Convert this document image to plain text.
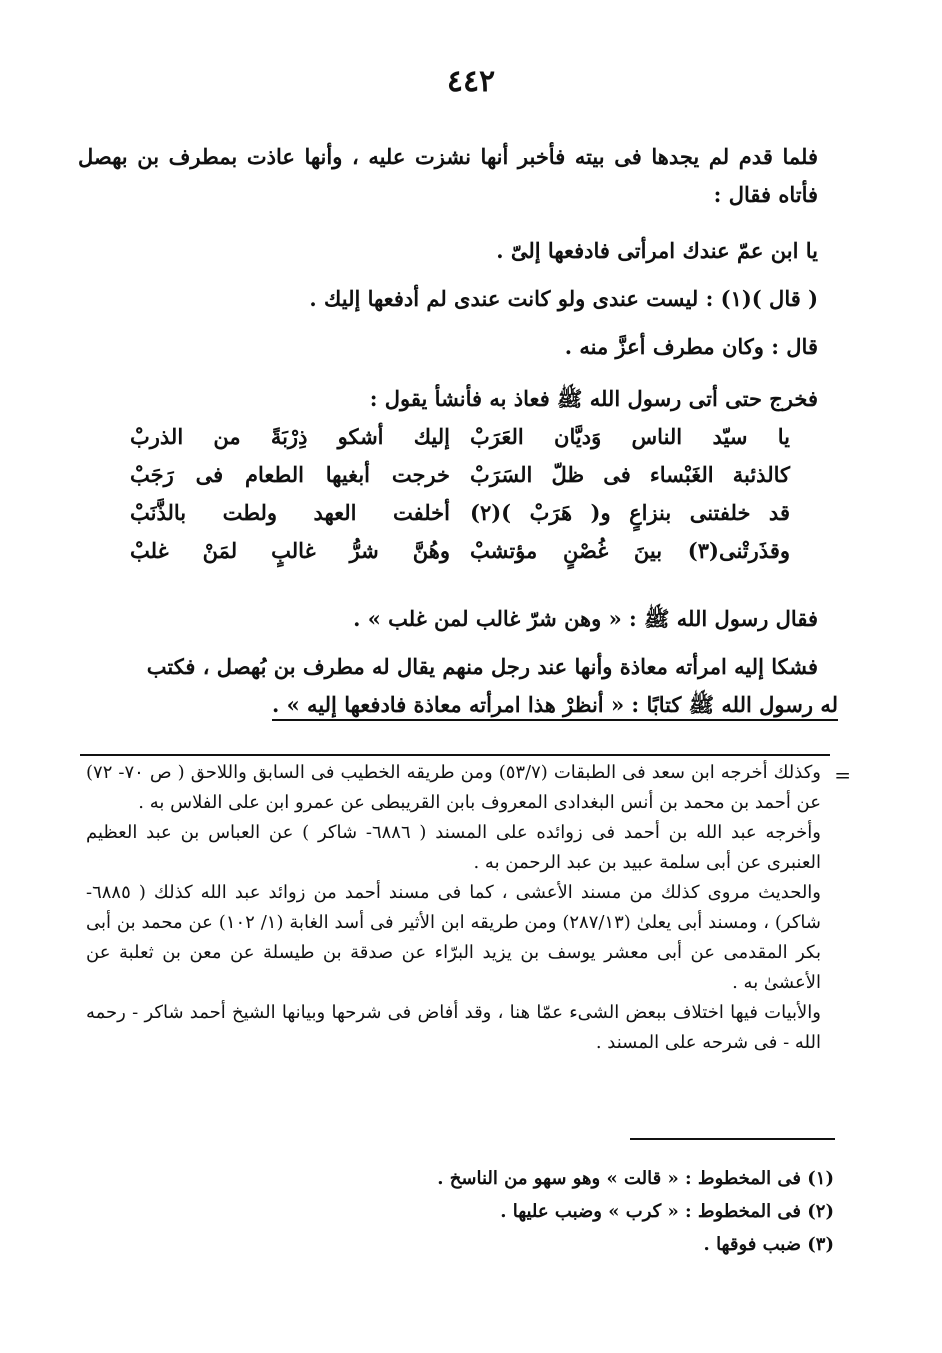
٤٤٢

فلما قدم لم يجدها فى بيته فأخبر أنها نشزت عليه ، وأنها عاذت بمطرف بن بهصل فأتاه فقال :

يا ابن عمّ عندك امرأتى فادفعها إلىّ .

( قال )(١) : ليست عندى ولو كانت عندى لم أدفعها إليك .

قال : وكان مطرف أعزَّ منه .

فخرج حتى أتى رسول الله ﷺ فعاذ به فأنشأ يقول :

يا سيّد الناس وَديَّان العَرَبْ
إليك أشكو ذِرْبَةً من الذربْ
كالذئبة الغَبْساء فى ظلّ السَرَبْ
خرجت أبغيها الطعام فى رَجَبْ
قد خلفتنى بنزاعٍ و( هَرَبْ )(٢)
أخلفت العهد ولطت بالذَّنَبْ
وقذَرتْنى(٣) بينَ غُصْنٍ مؤتشبْ
وهُنَّ شرُّ غالبٍ لمَنْ غلبْ

فقال رسول الله ﷺ : « وهن شرّ غالب لمن غلب » .

فشكا إليه امرأته معاذة وأنها عند رجل منهم يقال له مطرف بن بُهصل ، فكتب

له رسول الله ﷺ كتابًا : « أنظرْ هذا امرأته معاذة فادفعها إليه » .

=

وكذلك أخرجه ابن سعد فى الطبقات (٥٣/٧) ومن طريقه الخطيب فى السابق واللاحق ( ص ٧٠- ٧٢) عن أحمد بن محمد بن أنس البغدادى المعروف بابن القريبطى عن عمرو ابن على الفلاس به .

وأخرجه عبد الله بن أحمد فى زوائده على المسند ( ٦٨٨٦- شاكر ) عن العباس بن عبد العظيم العنبرى عن أبى سلمة عبيد بن عبد الرحمن به .

والحديث مروى كذلك من مسند الأعشى ، كما فى مسند أحمد من زوائد عبد الله كذلك ( ٦٨٨٥- شاكر) ، ومسند أبى يعلىٰ (٢٨٧/١٣) ومن طريقه ابن الأثير فى أسد الغابة (١/ ١٠٢) عن محمد بن أبى بكر المقدمى عن أبى معشر يوسف بن يزيد البرّاء عن صدقة بن طيسلة عن معن بن ثعلبة عن الأعشىٰ به .

والأبيات فيها اختلاف ببعض الشىء عمّا هنا ، وقد أفاض فى شرحها وبيانها الشيخ أحمد شاكر - رحمه الله - فى شرحه على المسند .

(١) فى المخطوط : « قالت » وهو سهو من الناسخ .

(٢) فى المخطوط : « كرب » وضبب عليها .

(٣) ضبب فوقها .
